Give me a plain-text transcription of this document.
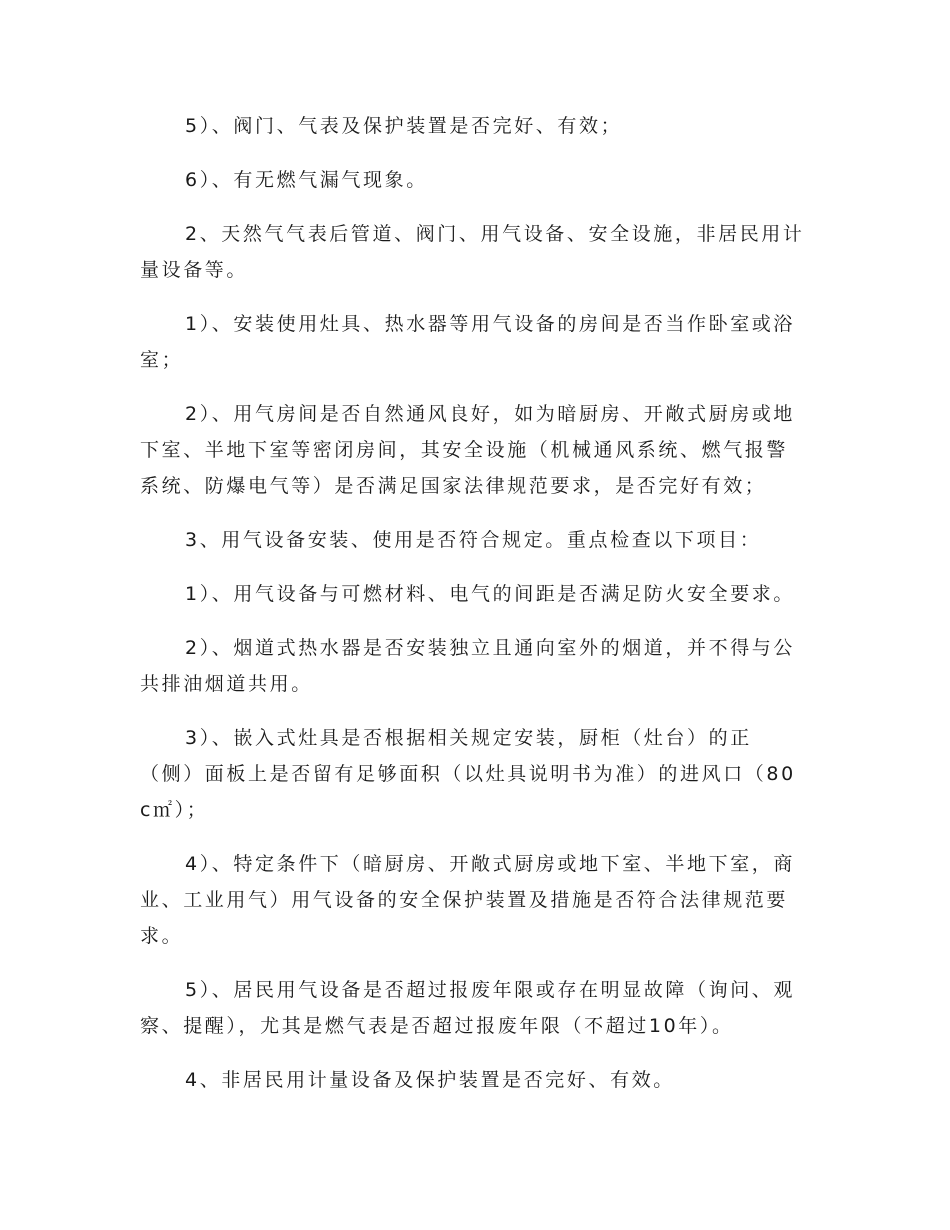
5）、阀门、气表及保护装置是否完好、有效；
6）、有无燃气漏气现象。
2、天然气气表后管道、阀门、用气设备、安全设施，非居民用计
量设备等。
1）、安装使用灶具、热水器等用气设备的房间是否当作卧室或浴
室；
2）、用气房间是否自然通风良好，如为暗厨房、开敞式厨房或地
下室、半地下室等密闭房间，其安全设施（机械通风系统、燃气报警
系统、防爆电气等）是否满足国家法律规范要求，是否完好有效；
3、用气设备安装、使用是否符合规定。重点检查以下项目：
1）、用气设备与可燃材料、电气的间距是否满足防火安全要求。
2）、烟道式热水器是否安装独立且通向室外的烟道，并不得与公
共排油烟道共用。
3）、嵌入式灶具是否根据相关规定安装，厨柜（灶台）的正
（侧）面板上是否留有足够面积（以灶具说明书为准）的进风口（80
c㎡）；
4）、特定条件下（暗厨房、开敞式厨房或地下室、半地下室，商
业、工业用气）用气设备的安全保护装置及措施是否符合法律规范要
求。
5）、居民用气设备是否超过报废年限或存在明显故障（询问、观
察、提醒），尤其是燃气表是否超过报废年限（不超过10年）。
4、非居民用计量设备及保护装置是否完好、有效。
